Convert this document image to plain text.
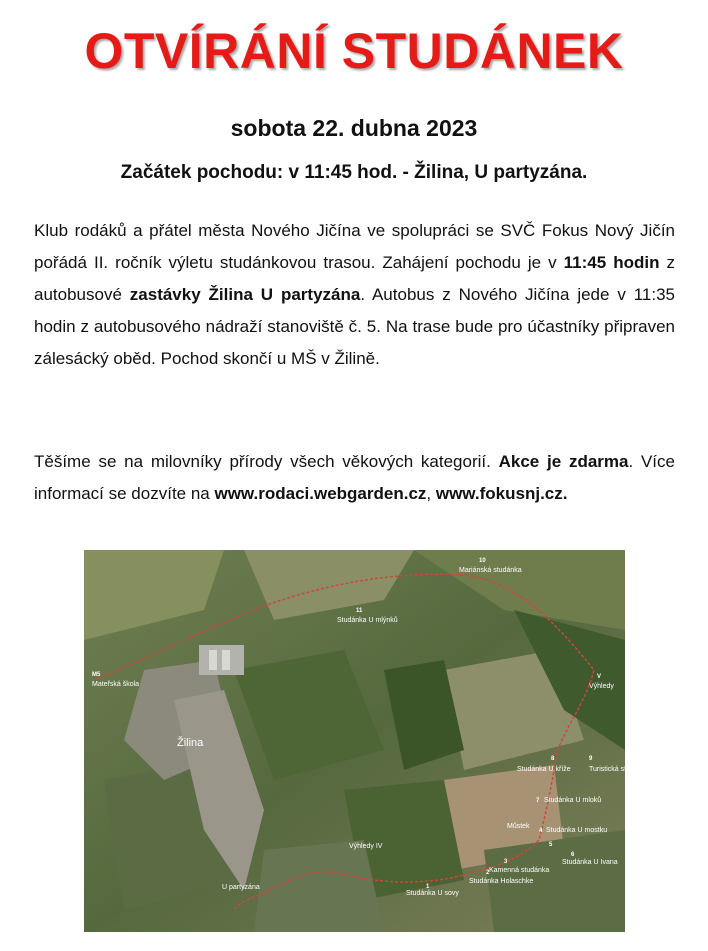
OTVÍRÁNÍ STUDÁNEK
sobota 22. dubna 2023
Začátek pochodu: v 11:45 hod. - Žilina, U partyzána.
Klub rodáků a přátel města Nového Jičína ve spolupráci se SVČ Fokus Nový Jičín pořádá II. ročník výletu studánkovou trasou. Zahájení pochodu je v 11:45 hodin z autobusové zastávky Žilina U partyzána. Autobus z Nového Jičína jede v 11:35 hodin z autobusového nádraží stanoviště č. 5. Na trase bude pro účastníky připraven zálesácký oběd. Pochod skončí u MŠ v Žilině.
Těšíme se na milovníky přírody všech věkových kategorií. Akce je zdarma. Více informací se dozvíte na www.rodaci.webgarden.cz, www.fokusnj.cz.
10
Mariánská studánka
11
Studánka U mlýnků
M5
Mateřská škola
V
Výhledy
8
Studánka U kříže
9
Turistická studánka
7 Studánka U mloků
Můstek
4 Studánka U mostku
5
6
Studánka U Ivana
3
Kamenná studánka
2
Studánka Holaschke
1
Studánka U sovy
Výhledy IV
U partyzána
Žilina
